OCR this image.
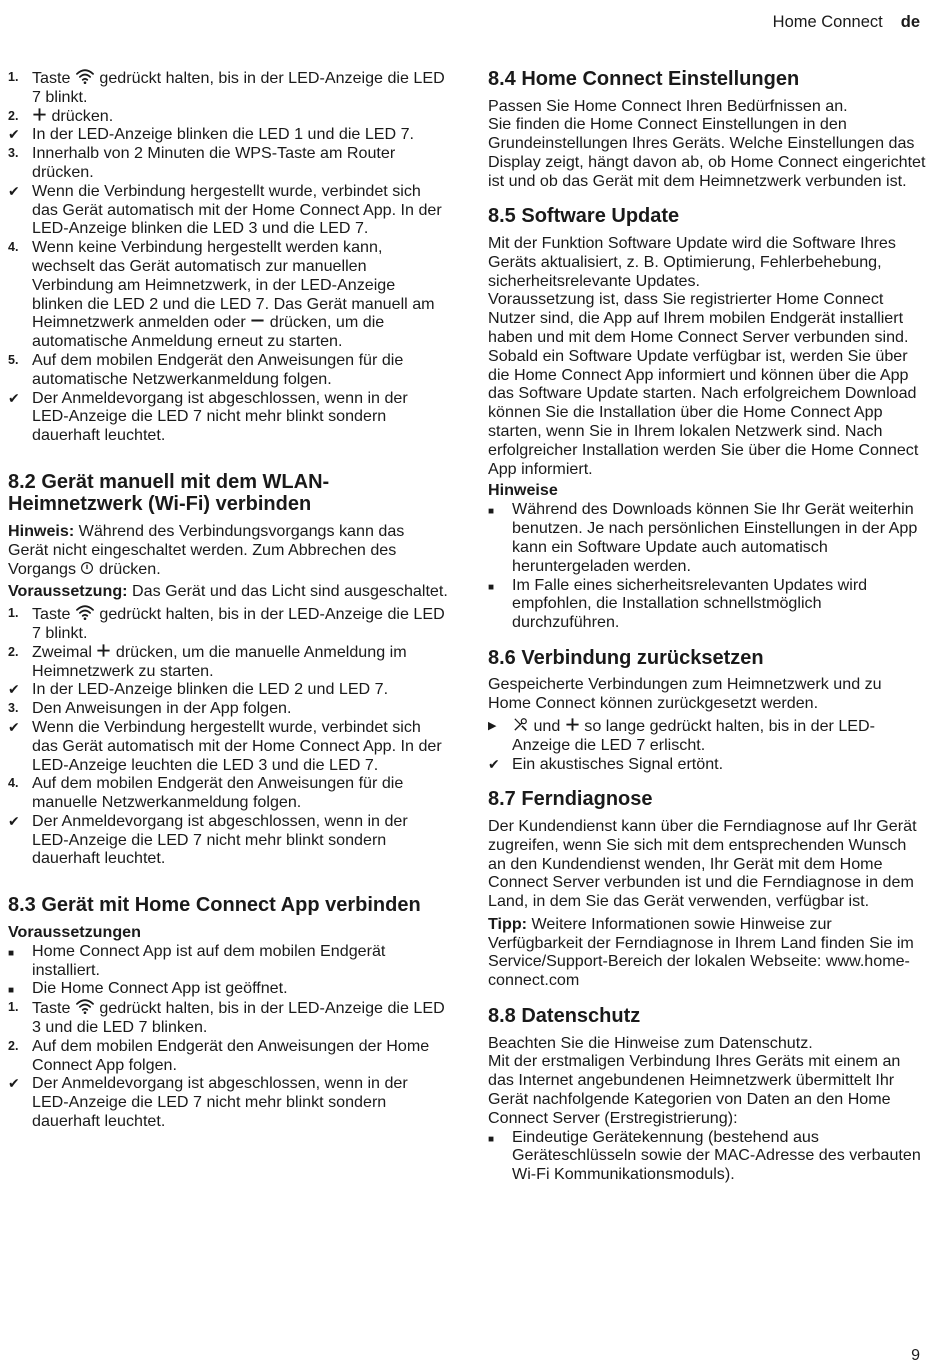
Home Connect de
1. Taste  gedrückt halten, bis in der LED-Anzeige die LED 7 blinkt.
2.	drücken.
✔ In der LED-Anzeige blinken die LED 1 und die LED 7.
3. Innerhalb von 2 Minuten die WPS-Taste am Router drücken.
✔ Wenn die Verbindung hergestellt wurde, verbindet sich das Gerät automatisch mit der Home Connect App. In der LED-Anzeige blinken die LED 3 und die LED 7.
4. Wenn keine Verbindung hergestellt werden kann, wechselt das Gerät automatisch zur manuellen Verbindung am Heimnetzwerk, in der LED-Anzeige blinken die LED 2 und die LED 7. Das Gerät manuell am Heimnetzwerk anmelden oder  drücken, um die automatische Anmeldung erneut zu starten.
5. Auf dem mobilen Endgerät den Anweisungen für die automatische Netzwerkanmeldung folgen.
✔ Der Anmeldevorgang ist abgeschlossen, wenn in der LED-Anzeige die LED 7 nicht mehr blinkt sondern dauerhaft leuchtet.
8.2 Gerät manuell mit dem WLAN-Heimnetzwerk (Wi-Fi) verbinden
Hinweis: Während des Verbindungsvorgangs kann das Gerät nicht eingeschaltet werden. Zum Abbrechen des Vorgangs  drücken.
Voraussetzung: Das Gerät und das Licht sind ausgeschaltet.
1. Taste  gedrückt halten, bis in der LED-Anzeige die LED 7 blinkt.
2. Zweimal  drücken, um die manuelle Anmeldung im Heimnetzwerk zu starten.
✔ In der LED-Anzeige blinken die LED 2 und LED 7.
3. Den Anweisungen in der App folgen.
✔ Wenn die Verbindung hergestellt wurde, verbindet sich das Gerät automatisch mit der Home Connect App. In der LED-Anzeige leuchten die LED 3 und die LED 7.
4. Auf dem mobilen Endgerät den Anweisungen für die manuelle Netzwerkanmeldung folgen.
✔ Der Anmeldevorgang ist abgeschlossen, wenn in der LED-Anzeige die LED 7 nicht mehr blinkt sondern dauerhaft leuchtet.
8.3 Gerät mit Home Connect App verbinden
Voraussetzungen
■	Home Connect App ist auf dem mobilen Endgerät installiert.
■	Die Home Connect App ist geöffnet.
1. Taste  gedrückt halten, bis in der LED-Anzeige die LED 3 und die LED 7 blinken.
2. Auf dem mobilen Endgerät den Anweisungen der Home Connect App folgen.
✔ Der Anmeldevorgang ist abgeschlossen, wenn in der LED-Anzeige die LED 7 nicht mehr blinkt sondern dauerhaft leuchtet.
8.4 Home Connect Einstellungen
Passen Sie Home Connect Ihren Bedürfnissen an.
Sie finden die Home Connect Einstellungen in den Grundeinstellungen Ihres Geräts. Welche Einstellungen das Display zeigt, hängt davon ab, ob Home Connect eingerichtet ist und ob das Gerät mit dem Heimnetzwerk verbunden ist.
8.5 Software Update
Mit der Funktion Software Update wird die Software Ihres Geräts aktualisiert, z. B. Optimierung, Fehlerbehebung, sicherheitsrelevante Updates.
Voraussetzung ist, dass Sie registrierter Home Connect Nutzer sind, die App auf Ihrem mobilen Endgerät installiert haben und mit dem Home Connect Server verbunden sind.
Sobald ein Software Update verfügbar ist, werden Sie über die Home Connect App informiert und können über die App das Software Update starten. Nach erfolgreichem Download können Sie die Installation über die Home Connect App starten, wenn Sie in Ihrem lokalen Netzwerk sind. Nach erfolgreicher Installation werden Sie über die Home Connect App informiert.
Hinweise
■	Während des Downloads können Sie Ihr Gerät weiterhin benutzen. Je nach persönlichen Einstellungen in der App kann ein Software Update auch automatisch heruntergeladen werden.
■	Im Falle eines sicherheitsrelevanten Updates wird empfohlen, die Installation schnellstmöglich durchzuführen.
8.6 Verbindung zurücksetzen
Gespeicherte Verbindungen zum Heimnetzwerk und zu Home Connect können zurückgesetzt werden.
▶	und  so lange gedrückt halten, bis in der LED-Anzeige die LED 7 erlischt.
✔ Ein akustisches Signal ertönt.
8.7 Ferndiagnose
Der Kundendienst kann über die Ferndiagnose auf Ihr Gerät zugreifen, wenn Sie sich mit dem entsprechenden Wunsch an den Kundendienst wenden, Ihr Gerät mit dem Home Connect Server verbunden ist und die Ferndiagnose in dem Land, in dem Sie das Gerät verwenden, verfügbar ist.
Tipp: Weitere Informationen sowie Hinweise zur Verfügbarkeit der Ferndiagnose in Ihrem Land finden Sie im Service/Support-Bereich der lokalen Webseite: www.home-connect.com
8.8 Datenschutz
Beachten Sie die Hinweise zum Datenschutz.
Mit der erstmaligen Verbindung Ihres Geräts mit einem an das Internet angebundenen Heimnetzwerk übermittelt Ihr Gerät nachfolgende Kategorien von Daten an den Home Connect Server (Erstregistrierung):
■	Eindeutige Gerätekennung (bestehend aus Geräteschlüsseln sowie der MAC-Adresse des verbauten Wi-Fi Kommunikationsmoduls).
9
